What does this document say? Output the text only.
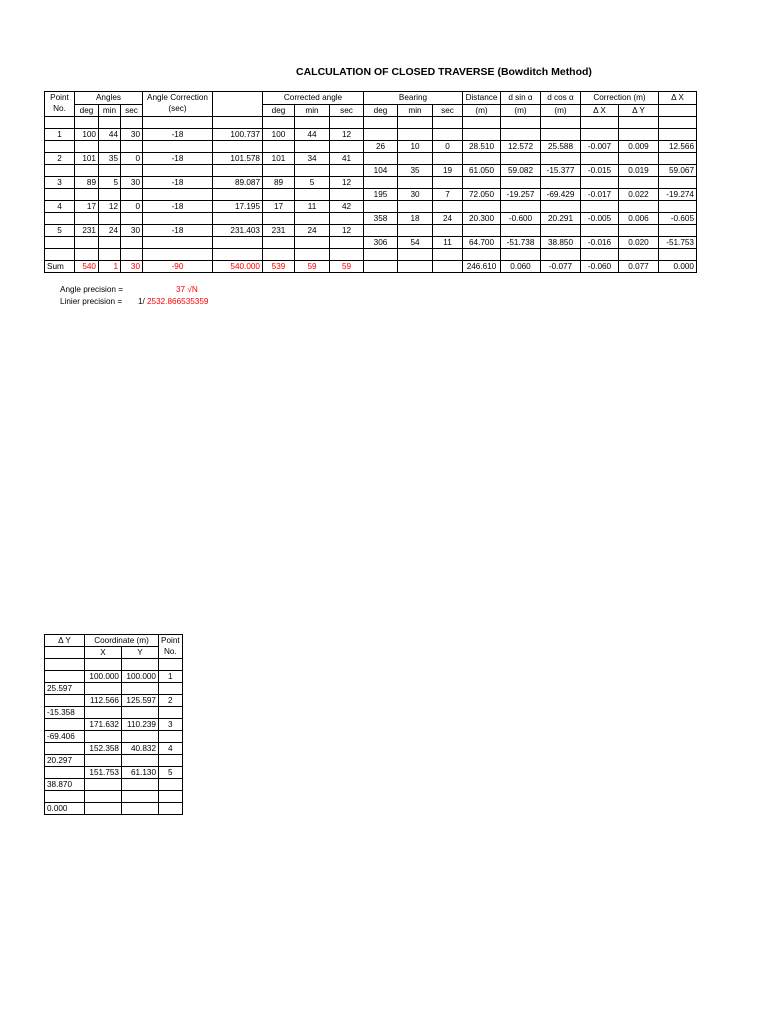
CALCULATION OF CLOSED TRAVERSE (Bowditch Method)
Point
No.	Angles			Angle Correction
(sec)		Corrected angle			Bearing			Distance	d sin α	d cos α	Correction (m)		Δ X
	deg	min	sec			deg	min	sec	deg	min	sec	(m)	(m)	(m)	Δ X	Δ Y	

1	100	44	30	-18	100.737	100	44	12									
									26	10	0	28.510	12.572	25.588	-0.007	0.009	12.566
2	101	35	0	-18	101.578	101	34	41									
									104	35	19	61.050	59.082	-15.377	-0.015	0.019	59.067
3	89	5	30	-18	89.087	89	5	12									
									195	30	7	72.050	-19.257	-69.429	-0.017	0.022	-19.274
4	17	12	0	-18	17.195	17	11	42									
									358	18	24	20.300	-0.600	20.291	-0.005	0.006	-0.605
5	231	24	30	-18	231.403	231	24	12									
									306	54	11	64.700	-51.738	38.850	-0.016	0.020	-51.753

Sum	540	1	30	-90	540.000	539	59	59				246.610	0.060	-0.077	-0.060	0.077	0.000
Angle precision =	37 √N
Linier precision = 1/ 2532.866535359
Δ Y	Coordinate (m)		Point
No.
	X	Y	

	100.000	100.000	1
25.597			
	112.566	125.597	2
-15.358			
	171.632	110.239	3
-69.406			
	152.358	40.832	4
20.297			
	151.753	61.130	5
38.870			

0.000			
